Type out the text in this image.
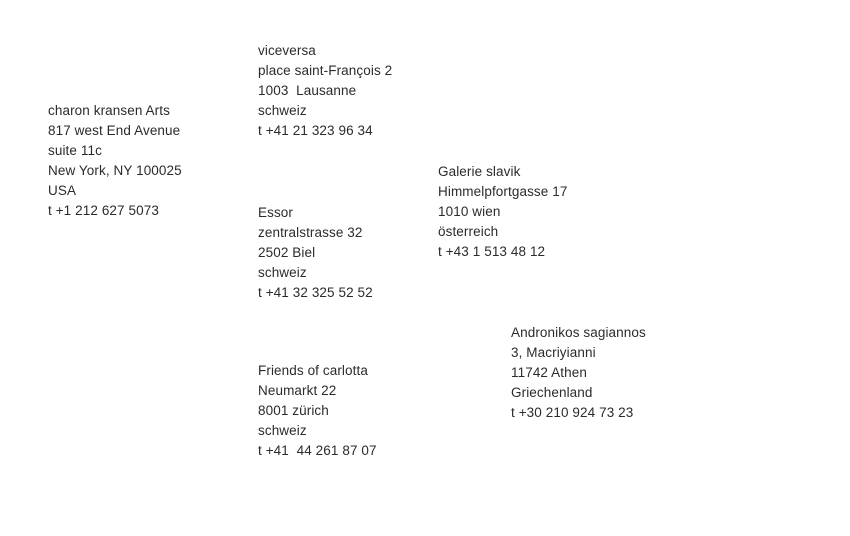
charon kransen Arts
817 west End Avenue
suite 11c
New York, NY 100025
USA
t +1 212 627 5073
viceversa
place saint-François 2
1003  Lausanne
schweiz
t +41 21 323 96 34
Essor
zentralstrasse 32
2502 Biel
schweiz
t +41 32 325 52 52
Galerie slavik
Himmelpfortgasse 17
1010 wien
österreich
t +43 1 513 48 12
Friends of carlotta
Neumarkt 22
8001 zürich
schweiz
t +41  44 261 87 07
Andronikos sagiannos
3, Macriyianni
11742 Athen
Griechenland
t +30 210 924 73 23
